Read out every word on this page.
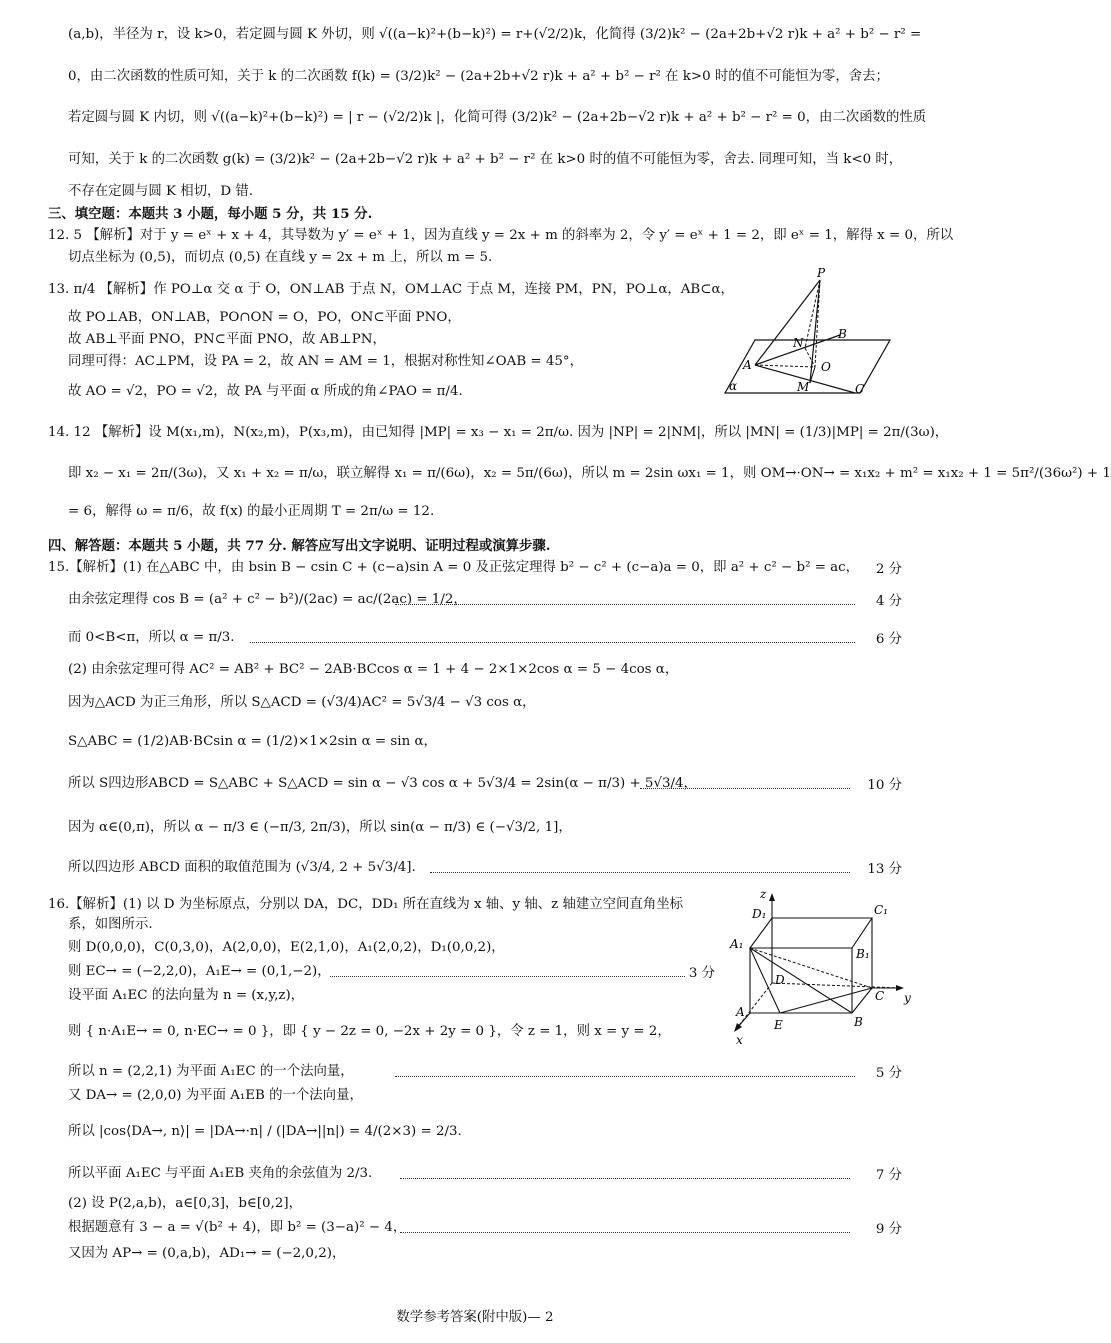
(a,b)，半径为 r，设 k>0，若定圆与圆 K 外切，则 √((a−k)²+(b−k)²) = r+(√2/2)k，化简得 (3/2)k² − (2a+2b+√2 r)k + a² + b² − r² =
0，由二次函数的性质可知，关于 k 的二次函数 f(k) = (3/2)k² − (2a+2b+√2 r)k + a² + b² − r² 在 k>0 时的值不可能恒为零，舍去；
若定圆与圆 K 内切，则 √((a−k)²+(b−k)²) = | r − (√2/2)k |，化简可得 (3/2)k² − (2a+2b−√2 r)k + a² + b² − r² = 0，由二次函数的性质
可知，关于 k 的二次函数 g(k) = (3/2)k² − (2a+2b−√2 r)k + a² + b² − r² 在 k>0 时的值不可能恒为零，舍去. 同理可知，当 k<0 时，
不存在定圆与圆 K 相切，D 错.
三、填空题：本题共 3 小题，每小题 5 分，共 15 分.
12. 5 【解析】对于 y = eˣ + x + 4，其导数为 y′ = eˣ + 1，因为直线 y = 2x + m 的斜率为 2，令 y′ = eˣ + 1 = 2，即 eˣ = 1，解得 x = 0，所以
切点坐标为 (0,5)，而切点 (0,5) 在直线 y = 2x + m 上，所以 m = 5.
13. π/4 【解析】作 PO⊥α 交 α 于 O，ON⊥AB 于点 N，OM⊥AC 于点 M，连接 PM，PN，PO⊥α，AB⊂α，
故 PO⊥AB，ON⊥AB，PO∩ON = O，PO，ON⊂平面 PNO，
故 AB⊥平面 PNO，PN⊂平面 PNO，故 AB⊥PN，
同理可得：AC⊥PM，设 PA = 2，故 AN = AM = 1，根据对称性知∠OAB = 45°，
故 AO = √2，PO = √2，故 PA 与平面 α 所成的角∠PAO = π/4.
14. 12 【解析】设 M(x₁,m)，N(x₂,m)，P(x₃,m)，由已知得 |MP| = x₃ − x₁ = 2π/ω. 因为 |NP| = 2|NM|，所以 |MN| = (1/3)|MP| = 2π/(3ω)，
即 x₂ − x₁ = 2π/(3ω)，又 x₁ + x₂ = π/ω，联立解得 x₁ = π/(6ω)，x₂ = 5π/(6ω)，所以 m = 2sin ωx₁ = 1，则 OM→·ON→ = x₁x₂ + m² = x₁x₂ + 1 = 5π²/(36ω²) + 1
= 6，解得 ω = π/6，故 f(x) 的最小正周期 T = 2π/ω = 12.
四、解答题：本题共 5 小题，共 77 分. 解答应写出文字说明、证明过程或演算步骤.
15.【解析】(1) 在△ABC 中，由 bsin B − csin C + (c−a)sin A = 0 及正弦定理得 b² − c² + (c−a)a = 0，即 a² + c² − b² = ac， 2 分
由余弦定理得 cos B = (a² + c² − b²)/(2ac) = ac/(2ac) = 1/2，	4 分
而 0<B<π，所以 α = π/3.	6 分
(2) 由余弦定理可得 AC² = AB² + BC² − 2AB·BCcos α = 1 + 4 − 2×1×2cos α = 5 − 4cos α，
因为△ACD 为正三角形，所以 S△ACD = (√3/4)AC² = 5√3/4 − √3 cos α，
S△ABC = (1/2)AB·BCsin α = (1/2)×1×2sin α = sin α，
所以 S四边形ABCD = S△ABC + S△ACD = sin α − √3 cos α + 5√3/4 = 2sin(α − π/3) + 5√3/4，	10 分
因为 α∈(0,π)，所以 α − π/3 ∈ (−π/3, 2π/3)，所以 sin(α − π/3) ∈ (−√3/2, 1]，
所以四边形 ABCD 面积的取值范围为 (√3/4, 2 + 5√3/4].	13 分
16.【解析】(1) 以 D 为坐标原点，分别以 DA，DC，DD₁ 所在直线为 x 轴、y 轴、z 轴建立空间直角坐标
系，如图所示.
则 D(0,0,0)，C(0,3,0)，A(2,0,0)，E(2,1,0)，A₁(2,0,2)，D₁(0,0,2)，
则 EC→ = (−2,2,0)，A₁E→ = (0,1,−2)，	3 分
设平面 A₁EC 的法向量为 n = (x,y,z)，
则 { n·A₁E→ = 0, n·EC→ = 0 }，即 { y − 2z = 0, −2x + 2y = 0 }，令 z = 1，则 x = y = 2，
所以 n = (2,2,1) 为平面 A₁EC 的一个法向量，	5 分
又 DA→ = (2,0,0) 为平面 A₁EB 的一个法向量，
所以 |cos⟨DA→, n⟩| = |DA→·n| / (|DA→||n|) = 4/(2×3) = 2/3.
所以平面 A₁EC 与平面 A₁EB 夹角的余弦值为 2/3.	7 分
(2) 设 P(2,a,b)，a∈[0,3]，b∈[0,2]，
根据题意有 3 − a = √(b² + 4)，即 b² = (3−a)² − 4，	9 分
又因为 AP→ = (0,a,b)，AD₁→ = (−2,0,2)，
P
B
N
A	O
M	C
α
z
D₁	C₁
A₁
B₁
D
C y
A
E	B
x
数学参考答案(附中版)— 2
